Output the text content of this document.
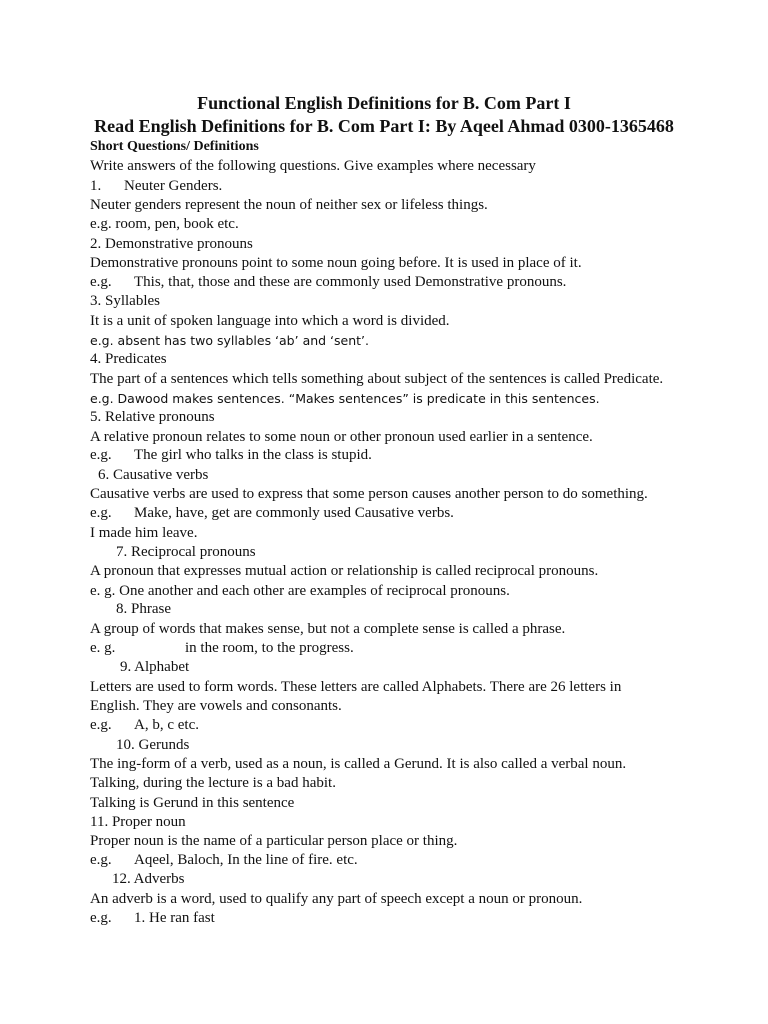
Functional English Definitions for B. Com Part I
Read English Definitions for B. Com Part I: By Aqeel Ahmad 0300-1365468
Short Questions/ Definitions
Write answers of the following questions. Give examples where necessary
1. Neuter Genders.
Neuter genders represent the noun of neither sex or lifeless things.
e.g. room, pen, book etc.
2. Demonstrative pronouns
Demonstrative pronouns point to some noun going before. It is used in place of it.
e.g. This, that, those and these are commonly used Demonstrative pronouns.
3. Syllables
It is a unit of spoken language into which a word is divided.
e.g. absent has two syllables ‘ab’ and ‘sent’.
4. Predicates
The part of a sentences which tells something about subject of the sentences is called Predicate.
e.g. Dawood makes sentences. “Makes sentences” is predicate in this sentences.
5. Relative pronouns
A relative pronoun relates to some noun or other pronoun used earlier in a sentence.
e.g. The girl who talks in the class is stupid.
6. Causative verbs
Causative verbs are used to express that some person causes another person to do something.
e.g. Make, have, get are commonly used Causative verbs.
I made him leave.
7. Reciprocal pronouns
A pronoun that expresses mutual action or relationship is called reciprocal pronouns.
e. g. One another and each other are examples of reciprocal pronouns.
8. Phrase
A group of words that makes sense, but not a complete sense is called a phrase.
e. g.	in the room, to the progress.
9. Alphabet
Letters are used to form words. These letters are called Alphabets. There are 26 letters in
English. They are vowels and consonants.
e.g. A, b, c etc.
10. Gerunds
The ing-form of a verb, used as a noun, is called a Gerund. It is also called a verbal noun.
Talking, during the lecture is a bad habit.
Talking is Gerund in this sentence
11. Proper noun
Proper noun is the name of a particular person place or thing.
e.g. Aqeel, Baloch, In the line of fire. etc.
12. Adverbs
An adverb is a word, used to qualify any part of speech except a noun or pronoun.
e.g. 1. He ran fast
